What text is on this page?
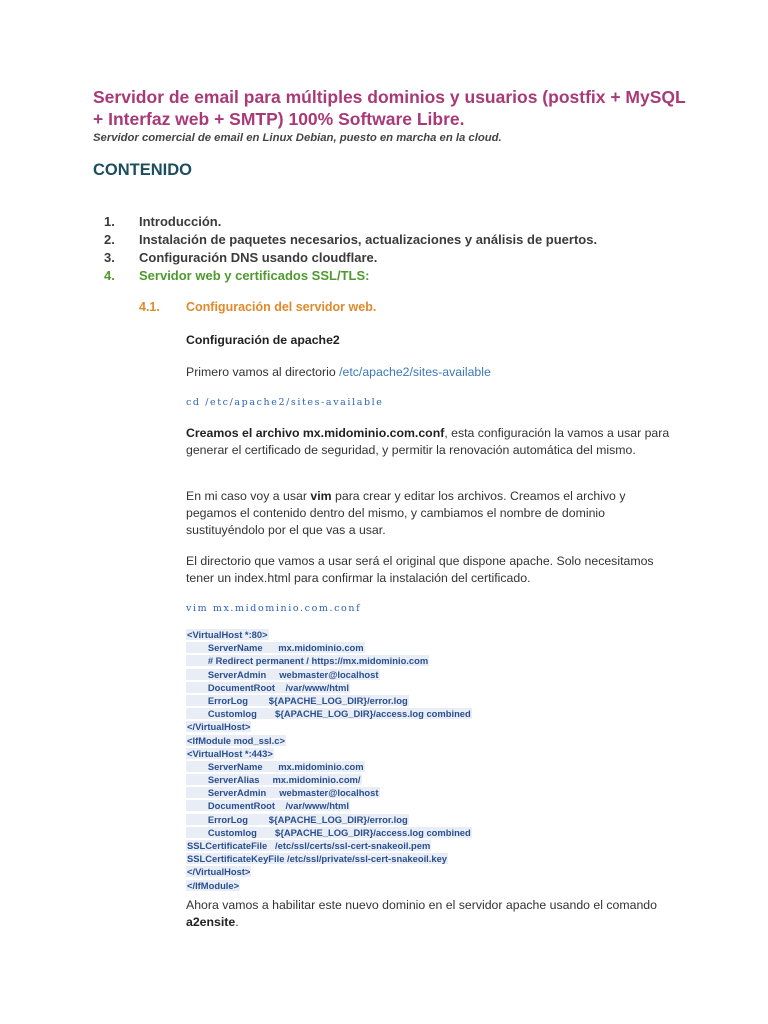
Servidor de email para múltiples dominios y usuarios (postfix + MySQL + Interfaz web + SMTP) 100% Software Libre.

Servidor comercial de email en Linux Debian, puesto en marcha en la cloud.

CONTENIDO
1.	Introducción.
2.	Instalación de paquetes necesarios, actualizaciones y análisis de puertos.
3.	Configuración DNS usando cloudflare.
4.	Servidor web y certificados SSL/TLS:
4.1. Configuración del servidor web.

Configuración de apache2

Primero vamos al directorio /etc/apache2/sites-available

cd /etc/apache2/sites-available

Creamos el archivo mx.midominio.com.conf, esta configuración la vamos a usar para generar el certificado de seguridad, y permitir la renovación automática del mismo.

En mi caso voy a usar vim para crear y editar los archivos. Creamos el archivo y pegamos el contenido dentro del mismo, y cambiamos el nombre de dominio sustituyéndolo por el que vas a usar.

El directorio que vamos a usar será el original que dispone apache. Solo necesitamos tener un index.html para confirmar la instalación del certificado.

vim mx.midominio.com.conf

<VirtualHost *:80>
ServerName      mx.midominio.com
# Redirect permanent / https://mx.midominio.com
ServerAdmin     webmaster@localhost
DocumentRoot    /var/www/html
ErrorLog        ${APACHE_LOG_DIR}/error.log
Customlog       ${APACHE_LOG_DIR}/access.log combined
</VirtualHost>
<IfModule mod_ssl.c>
<VirtualHost *:443>
ServerName      mx.midominio.com
ServerAlias     mx.midominio.com/
ServerAdmin     webmaster@localhost
DocumentRoot    /var/www/html
ErrorLog        ${APACHE_LOG_DIR}/error.log
Customlog       ${APACHE_LOG_DIR}/access.log combined
SSLCertificateFile   /etc/ssl/certs/ssl-cert-snakeoil.pem
SSLCertificateKeyFile /etc/ssl/private/ssl-cert-snakeoil.key
</VirtualHost>
</IfModule>

Ahora vamos a habilitar este nuevo dominio en el servidor apache usando el comando a2ensite.
